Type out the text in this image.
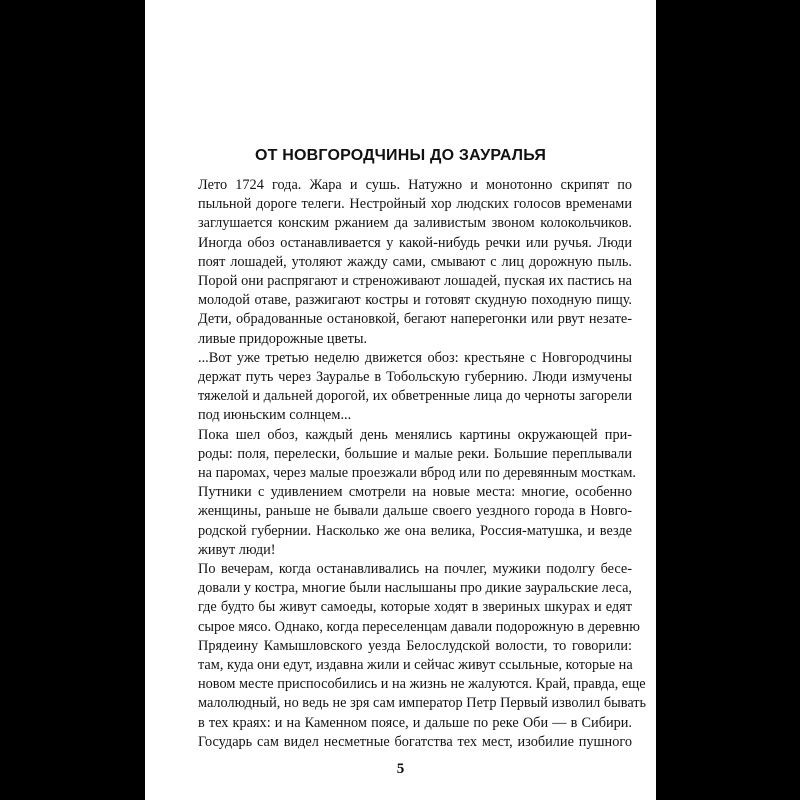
ОТ НОВГОРОДЧИНЫ ДО ЗАУРАЛЬЯ

Лето 1724 года. Жара и сушь. Натужно и монотонно скрипят по
пыльной дороге телеги. Нестройный хор людских голосов временами
заглушается конским ржанием да заливистым звоном колокольчиков.
Иногда обоз останавливается у какой-нибудь речки или ручья. Люди
поят лошадей, утоляют жажду сами, смывают с лиц дорожную пыль.
Порой они распрягают и стреноживают лошадей, пуская их пастись на
молодой отаве, разжигают костры и готовят скудную походную пищу.
Дети, обрадованные остановкой, бегают наперегонки или рвут незате-
ливые придорожные цветы.

...Вот уже третью неделю движется обоз: крестьяне с Новгородчины
держат путь через Зауралье в Тобольскую губернию. Люди измучены
тяжелой и дальней дорогой, их обветренные лица до черноты загорели
под июньским солнцем...

Пока шел обоз, каждый день менялись картины окружающей при-
роды: поля, перелески, большие и малые реки. Большие переплывали
на паромах, через малые проезжали вброд или по деревянным мосткам.
Путники с удивлением смотрели на новые места: многие, особенно
женщины, раньше не бывали дальше своего уездного города в Новго-
родской губернии. Насколько же она велика, Россия-матушка, и везде
живут люди!

По вечерам, когда останавливались на почлег, мужики подолгу бесе-
довали у костра, многие были наслышаны про дикие зауральские леса,
где будто бы живут самоеды, которые ходят в звериных шкурах и едят
сырое мясо. Однако, когда переселенцам давали подорожную в деревню
Прядеину Камышловского уезда Белослудской волости, то говорили:
там, куда они едут, издавна жили и сейчас живут ссыльные, которые на
новом месте приспособились и на жизнь не жалуются. Край, правда, еще
малолюдный, но ведь не зря сам император Петр Первый изволил бывать
в тех краях: и на Каменном поясе, и дальше по реке Оби — в Сибири.
Государь сам видел несметные богатства тех мест, изобилие пушного

5
